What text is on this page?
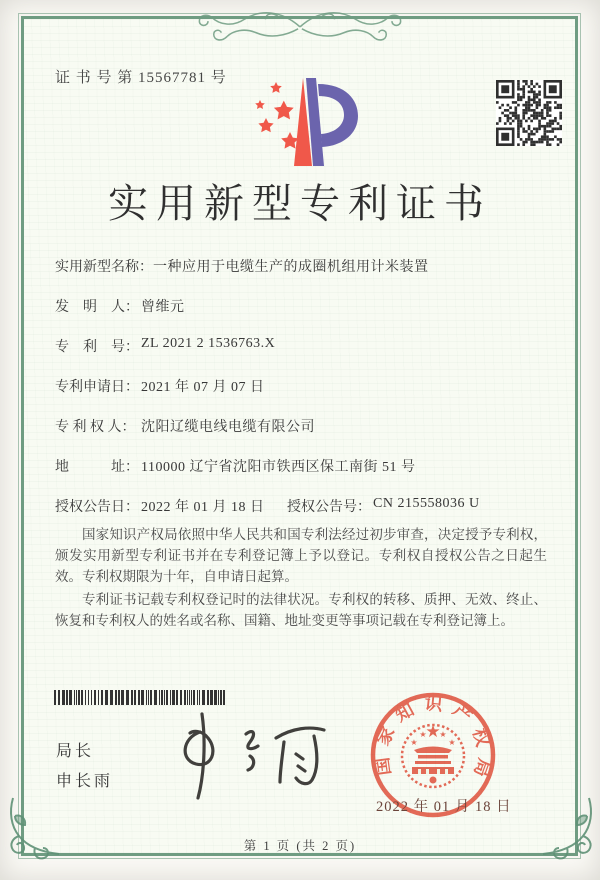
证 书 号 第 15567781 号
实用新型专利证书
实用新型名称： 一种应用于电缆生产的成圈机组用计米装置
发　明　人： 曾维元
专　利　号： ZL 2021 2 1536763.X
专利申请日： 2021 年 07 月 07 日
专 利 权 人： 沈阳辽缆电线电缆有限公司
地　　　址： 110000 辽宁省沈阳市铁西区保工南街 51 号
授权公告日： 2022 年 01 月 18 日 授权公告号： CN 215558036 U

国家知识产权局依照中华人民共和国专利法经过初步审查，决定授予专利权，颁发实用新型专利证书并在专利登记簿上予以登记。专利权自授权公告之日起生效。专利权期限为十年，自申请日起算。

专利证书记载专利权登记时的法律状况。专利权的转移、质押、无效、终止、恢复和专利权人的姓名或名称、国籍、地址变更等事项记载在专利登记簿上。

局长
申长雨
国家知识产权局
★
★
★ ★
★
2022 年 01 月 18 日
第 1 页 (共 2 页)
